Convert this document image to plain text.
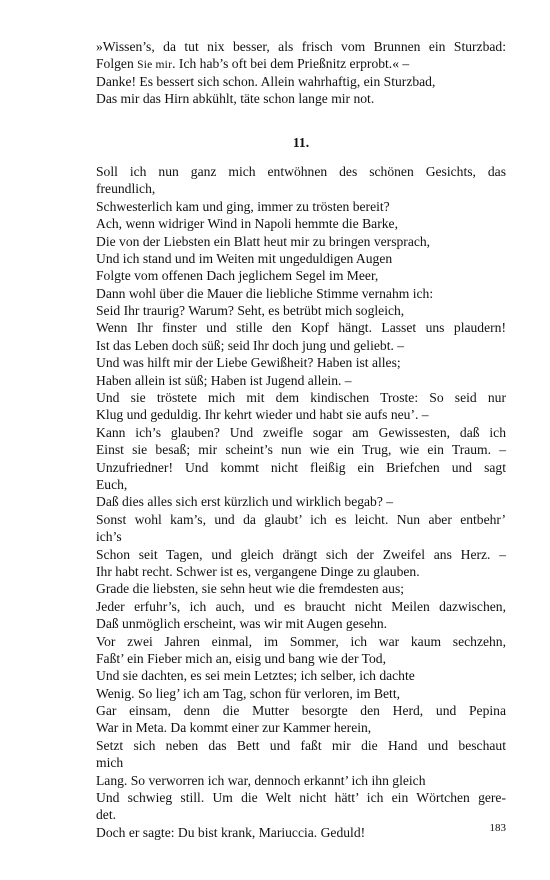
»Wissen’s, da tut nix besser, als frisch vom Brunnen ein Sturzbad:
Folgen Sie mir. Ich hab’s oft bei dem Prießnitz erprobt.« –
Danke! Es bessert sich schon. Allein wahrhaftig, ein Sturzbad,
Das mir das Hirn abkühlt, täte schon lange mir not.
11.
Soll ich nun ganz mich entwöhnen des schönen Gesichts, das
freundlich,
Schwesterlich kam und ging, immer zu trösten bereit?
Ach, wenn widriger Wind in Napoli hemmte die Barke,
Die von der Liebsten ein Blatt heut mir zu bringen versprach,
Und ich stand und im Weiten mit ungeduldigen Augen
Folgte vom offenen Dach jeglichem Segel im Meer,
Dann wohl über die Mauer die liebliche Stimme vernahm ich:
Seid Ihr traurig? Warum? Seht, es betrübt mich sogleich,
Wenn Ihr finster und stille den Kopf hängt. Lasset uns plaudern!
Ist das Leben doch süß; seid Ihr doch jung und geliebt. –
Und was hilft mir der Liebe Gewißheit? Haben ist alles;
Haben allein ist süß; Haben ist Jugend allein. –
Und sie tröstete mich mit dem kindischen Troste: So seid nur
Klug und geduldig. Ihr kehrt wieder und habt sie aufs neu’. –
Kann ich’s glauben? Und zweifle sogar am Gewissesten, daß ich
Einst sie besaß; mir scheint’s nun wie ein Trug, wie ein Traum. –
Unzufriedner! Und kommt nicht fleißig ein Briefchen und sagt
Euch,
Daß dies alles sich erst kürzlich und wirklich begab? –
Sonst wohl kam’s, und da glaubt’ ich es leicht. Nun aber entbehr’
ich’s
Schon seit Tagen, und gleich drängt sich der Zweifel ans Herz. –
Ihr habt recht. Schwer ist es, vergangene Dinge zu glauben.
Grade die liebsten, sie sehn heut wie die fremdesten aus;
Jeder erfuhr’s, ich auch, und es braucht nicht Meilen dazwischen,
Daß unmöglich erscheint, was wir mit Augen gesehn.
Vor zwei Jahren einmal, im Sommer, ich war kaum sechzehn,
Faßt’ ein Fieber mich an, eisig und bang wie der Tod,
Und sie dachten, es sei mein Letztes; ich selber, ich dachte
Wenig. So lieg’ ich am Tag, schon für verloren, im Bett,
Gar einsam, denn die Mutter besorgte den Herd, und Pepina
War in Meta. Da kommt einer zur Kammer herein,
Setzt sich neben das Bett und faßt mir die Hand und beschaut
mich
Lang. So verworren ich war, dennoch erkannt’ ich ihn gleich
Und schwieg still. Um die Welt nicht hätt’ ich ein Wörtchen gere-
det.
Doch er sagte: Du bist krank, Mariuccia. Geduld!	183
